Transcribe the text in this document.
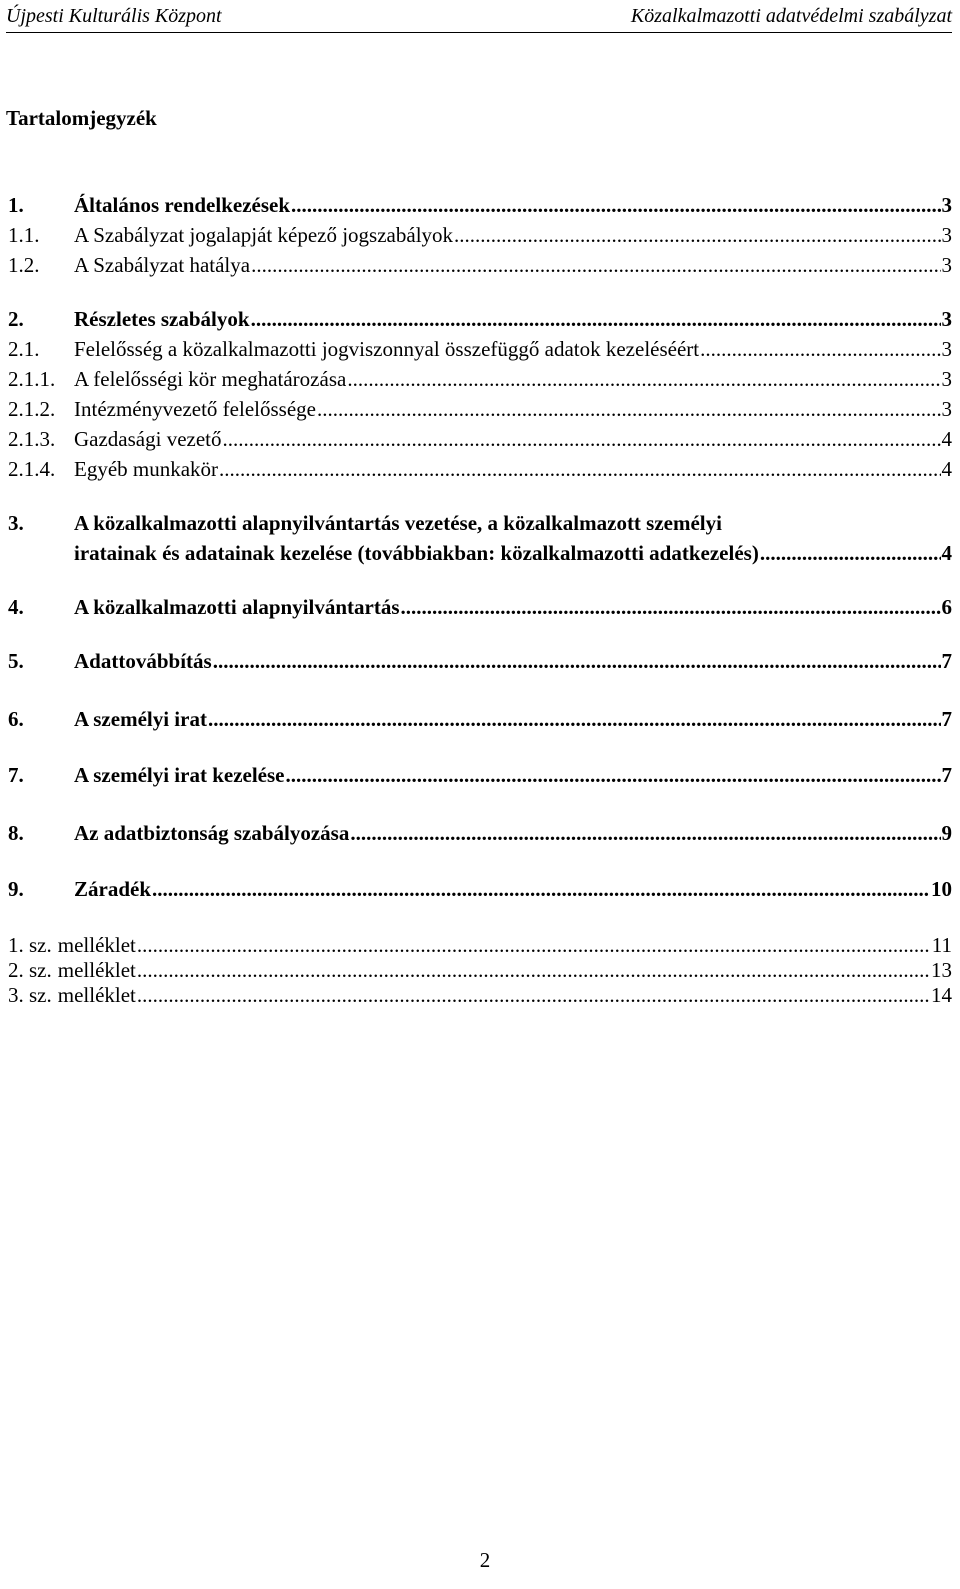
Újpesti Kulturális Központ	Közalkalmazotti adatvédelmi szabályzat
Tartalomjegyzék
1.	Általános rendelkezések .....	3
1.1.	A Szabályzat jogalapját képező jogszabályok .....	3
1.2.	A Szabályzat hatálya .....	3
2.	Részletes szabályok .....	3
2.1.	Felelősség a közalkalmazotti jogviszonnyal összefüggő adatok kezeléséért .....	3
2.1.1. A felelősségi kör meghatározása .....	3
2.1.2. Intézményvezető felelőssége .....	3
2.1.3. Gazdasági vezető .....	4
2.1.4. Egyéb munkakör .....	4
3.	A közalkalmazotti alapnyilvántartás vezetése, a közalkalmazott személyi
iratainak és adatainak kezelése (továbbiakban: közalkalmazotti adatkezelés) .....	4
4.	A közalkalmazotti alapnyilvántartás .....	6
5.	Adattovábbítás .....	7
6.	A személyi irat .....	7
7.	A személyi irat kezelése .....	7
8.	Az adatbiztonság szabályozása .....	9
9.	Záradék .....	10
1. sz. melléklet .....	11
2. sz. melléklet .....	13
3. sz. melléklet .....	14
2
